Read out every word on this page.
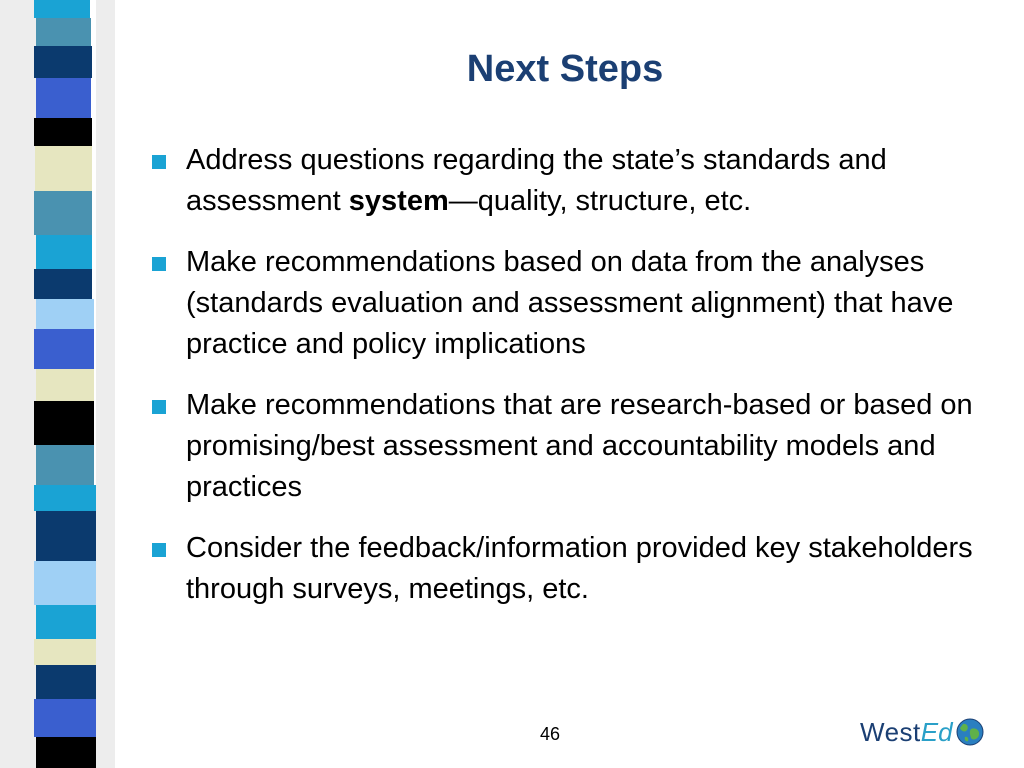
Next Steps
Address questions regarding the state’s standards and assessment system—quality, structure, etc.
Make recommendations based on data from the analyses (standards evaluation and assessment alignment) that have practice and policy implications
Make recommendations that are research-based or based on promising/best assessment and accountability models and practices
Consider the feedback/information provided key stakeholders through surveys, meetings, etc.
46	West Ed
